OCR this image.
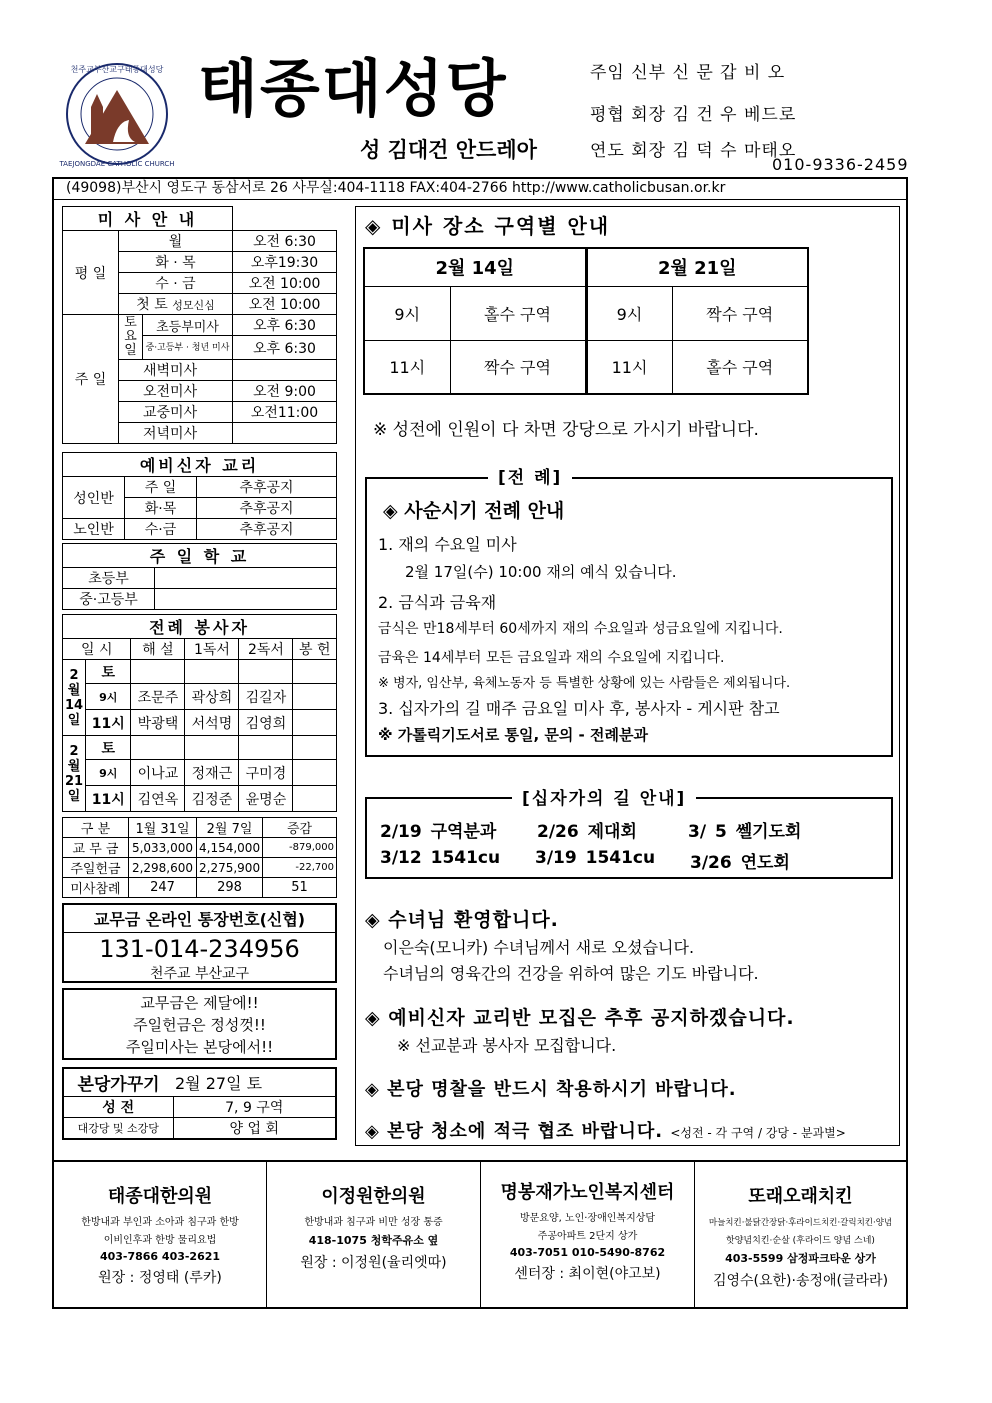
천주교부산교구태종대성당
TAEJONGDAE CATHOLIC CHURCH
태종대성당
성 김대건 안드레아
주임 신부 신 문 갑 비 오
평협 회장 김 건 우 베드로
연도 회장 김 덕 수 마태오
010-9336-2459
(49098)부산시 영도구 동삼서로 26 사무실:404-1118 FAX:404-2766 http://www.catholicbusan.or.kr
미 사 안 내			
평 일	월		오전 6:30
	화 · 목		오후19:30
	수 · 금		오전 10:00
	첫 토 성모신심		오전 10:00
주 일	토 요 일	초등부미사	오후 6:30
		중·고등부 · 청년 미사	오후 6:30
	새벽미사		
	오전미사		오전 9:00
	교중미사		오전11:00
	저녁미사		
예비신자 교리		
성인반	주 일	추후공지
	화·목	추후공지
노인반	수·금	추후공지
주 일 학 교	
초등부	
중·고등부	
전례 봉사자					
일 시		해 설	1독서	2독서	봉 헌
2월14일	토				
	9시	조문주	곽상희	김길자	
	11시	박광택	서석명	김영희	
2월21일	토				
	9시	이나교	정재근	구미경	
	11시	김연옥	김정준	윤명순	
구 분	1월 31일	2월 7일	증감
교 무 금	5,033,000	4,154,000	-879,000
주일헌금	2,298,600	2,275,900	-22,700
미사참례	247	298	51
교무금 온라인 통장번호(신협)
131-014-234956
천주교 부산교구
교무금은 제달에!!
주일헌금은 정성껏!!
주일미사는 본당에서!!
본당가꾸기	2월 27일 토
성 전	7, 9 구역
대강당 및 소강당	양 업 회
◈ 미사 장소 구역별 안내
2월 14일		2월 21일	
9시	홀수 구역	9시	짝수 구역
11시	짝수 구역	11시	홀수 구역
※ 성전에 인원이 다 차면 강당으로 가시기 바랍니다.
[전 례]
◈ 사순시기 전례 안내
1. 재의 수요일 미사
2월 17일(수) 10:00 재의 예식 있습니다.
2. 금식과 금육재
금식은 만18세부터 60세까지 재의 수요일과 성금요일에 지킵니다.
금육은 14세부터 모든 금요일과 재의 수요일에 지킵니다.
※ 병자, 임산부, 육체노동자 등 특별한 상황에 있는 사람들은 제외됩니다.
3. 십자가의 길 매주 금요일 미사 후, 봉사자 - 게시판 참고
※ 가톨릭기도서로 통일, 문의 - 전례분과
[십자가의 길 안내]
2/19 구역분과 2/26 제대회	3/ 5 쎌기도회
3/12 1541cu 3/19 1541cu 3/26 연도회
◈ 수녀님 환영합니다.
이은숙(모니카) 수녀님께서 새로 오셨습니다.
수녀님의 영육간의 건강을 위하여 많은 기도 바랍니다.
◈ 예비신자 교리반 모집은 추후 공지하겠습니다.
※ 선교분과 봉사자 모집합니다.
◈ 본당 명찰을 반드시 착용하시기 바랍니다.
◈ 본당 청소에 적극 협조 바랍니다. <성전 - 각 구역 / 강당 - 분과별>
태종대한의원
한방내과 부인과 소아과 침구과 한방
이비인후과 한방 물리요법
403-7866 403-2621
원장 : 정영태 (루카)
이정원한의원
한방내과 침구과 비만 성장 통증
418-1075 청학주유소 옆
원장 : 이정원(율리엣따)
명봉재가노인복지센터
방문요양, 노인·장애인복지상담
주공아파트 2단지 상가
403-7051 010-5490-8762
센터장 : 최이현(야고보)
또래오래치킨
마늘치킨·불닭간장닭·후라이드치킨·갈릭치킨·양념
핫양념치킨·순살 (후라이드 양념 스네)
403-5599 삼정파크타운 상가
김영수(요한)·송정애(글라라)
